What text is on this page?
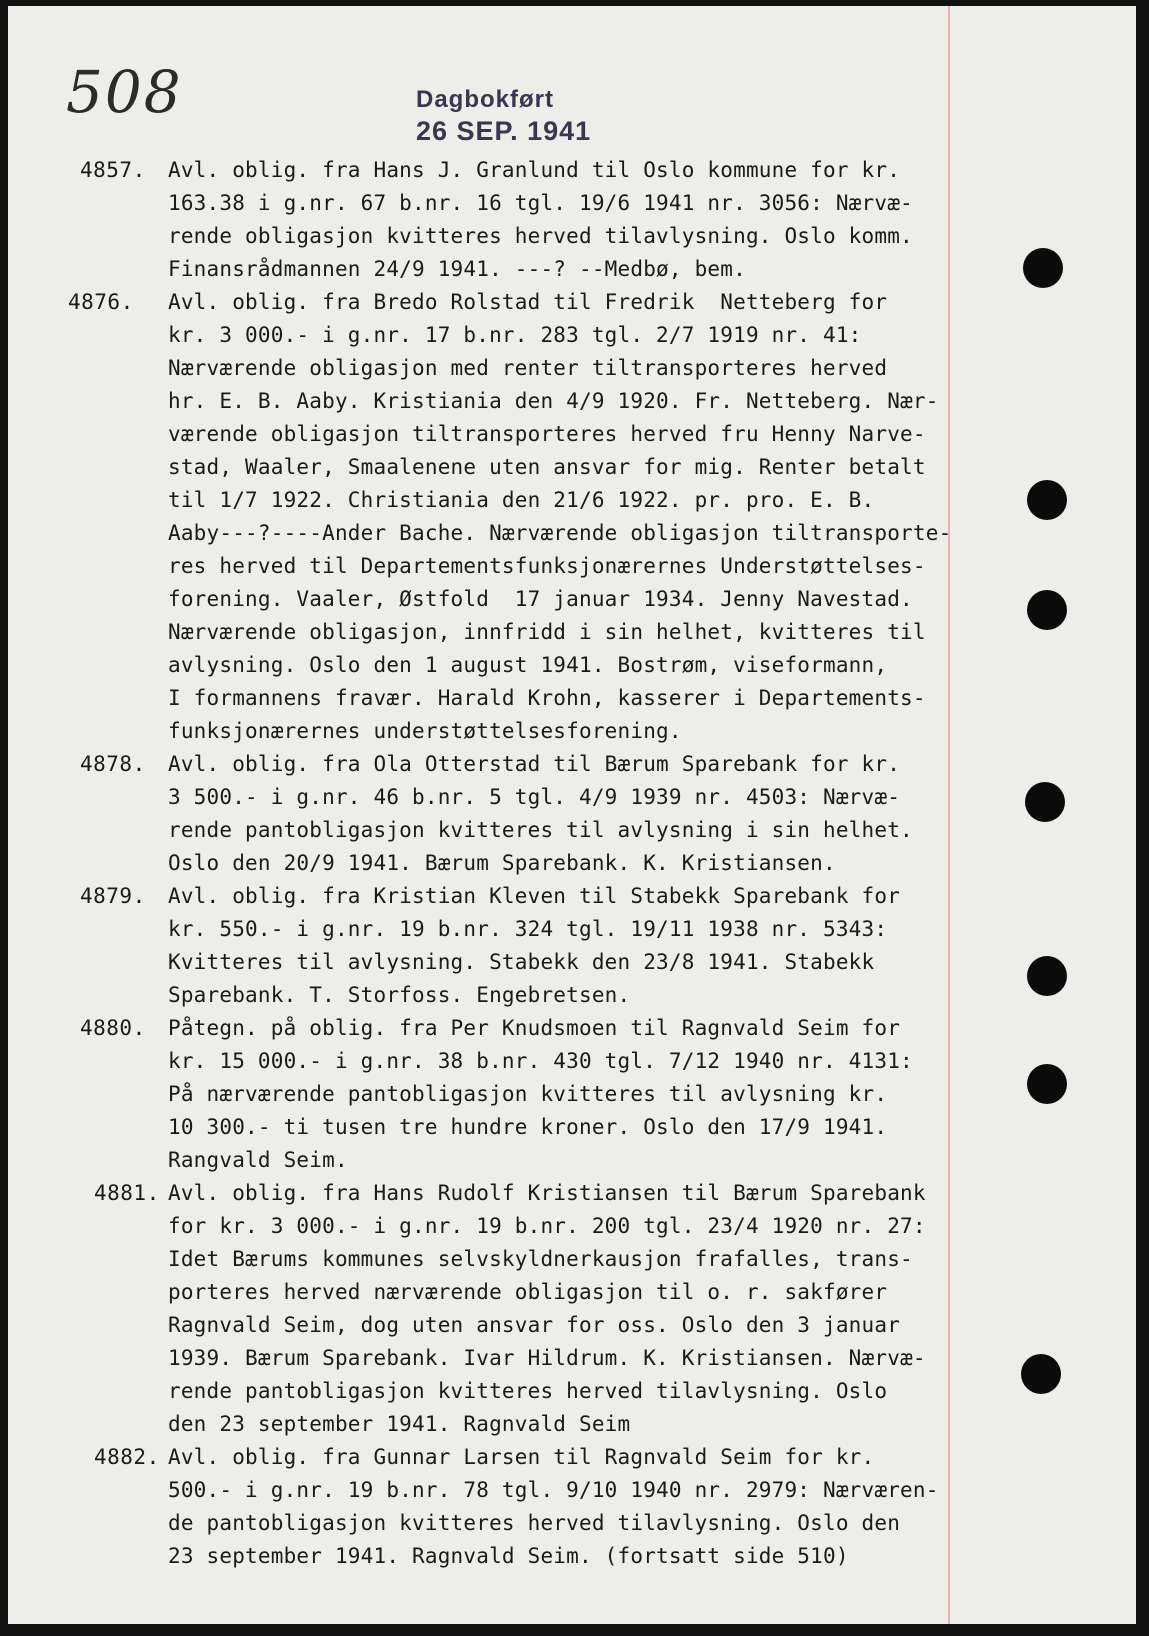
508	Dagbokført
26 SEP. 1941
4857. Avl. oblig. fra Hans J. Granlund til Oslo kommune for kr.
163.38 i g.nr. 67 b.nr. 16 tgl. 19/6 1941 nr. 3056: Nærvæ-
rende obligasjon kvitteres herved tilavlysning. Oslo komm.
Finansrådmannen 24/9 1941. ---? --Medbø, bem.
4876. Avl. oblig. fra Bredo Rolstad til Fredrik  Netteberg for
kr. 3 000.- i g.nr. 17 b.nr. 283 tgl. 2/7 1919 nr. 41:
Nærværende obligasjon med renter tiltransporteres herved
hr. E. B. Aaby. Kristiania den 4/9 1920. Fr. Netteberg. Nær-
værende obligasjon tiltransporteres herved fru Henny Narve-
stad, Waaler, Smaalenene uten ansvar for mig. Renter betalt
til 1/7 1922. Christiania den 21/6 1922. pr. pro. E. B.
Aaby---?----Ander Bache. Nærværende obligasjon tiltransporte-
res herved til Departementsfunksjonærernes Understøttelses-
forening. Vaaler, Østfold  17 januar 1934. Jenny Navestad.
Nærværende obligasjon, innfridd i sin helhet, kvitteres til
avlysning. Oslo den 1 august 1941. Bostrøm, viseformann,
I formannens fravær. Harald Krohn, kasserer i Departements-
funksjonærernes understøttelsesforening.
4878. Avl. oblig. fra Ola Otterstad til Bærum Sparebank for kr.
3 500.- i g.nr. 46 b.nr. 5 tgl. 4/9 1939 nr. 4503: Nærvæ-
rende pantobligasjon kvitteres til avlysning i sin helhet.
Oslo den 20/9 1941. Bærum Sparebank. K. Kristiansen.
4879. Avl. oblig. fra Kristian Kleven til Stabekk Sparebank for
kr. 550.- i g.nr. 19 b.nr. 324 tgl. 19/11 1938 nr. 5343:
Kvitteres til avlysning. Stabekk den 23/8 1941. Stabekk
Sparebank. T. Storfoss. Engebretsen.
4880. Påtegn. på oblig. fra Per Knudsmoen til Ragnvald Seim for
kr. 15 000.- i g.nr. 38 b.nr. 430 tgl. 7/12 1940 nr. 4131:
På nærværende pantobligasjon kvitteres til avlysning kr.
10 300.- ti tusen tre hundre kroner. Oslo den 17/9 1941.
Rangvald Seim.
4881. Avl. oblig. fra Hans Rudolf Kristiansen til Bærum Sparebank
for kr. 3 000.- i g.nr. 19 b.nr. 200 tgl. 23/4 1920 nr. 27:
Idet Bærums kommunes selvskyldnerkausjon frafalles, trans-
porteres herved nærværende obligasjon til o. r. sakfører
Ragnvald Seim, dog uten ansvar for oss. Oslo den 3 januar
1939. Bærum Sparebank. Ivar Hildrum. K. Kristiansen. Nærvæ-
rende pantobligasjon kvitteres herved tilavlysning. Oslo
den 23 september 1941. Ragnvald Seim
4882. Avl. oblig. fra Gunnar Larsen til Ragnvald Seim for kr.
500.- i g.nr. 19 b.nr. 78 tgl. 9/10 1940 nr. 2979: Nærværen-
de pantobligasjon kvitteres herved tilavlysning. Oslo den
23 september 1941. Ragnvald Seim. (fortsatt side 510)
